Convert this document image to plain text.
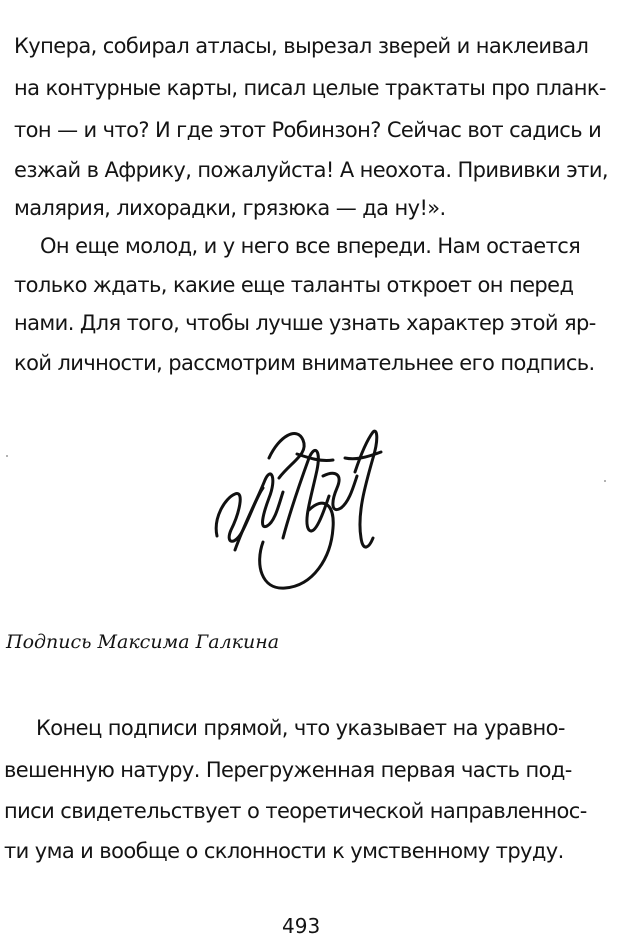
Купера, собирал атласы, вырезал зверей и наклеивал
на контурные карты, писал целые трактаты про планк-
тон — и что? И где этот Робинзон? Сейчас вот садись и
езжай в Африку, пожалуйста! А неохота. Прививки эти,
малярия, лихорадки, грязюка — да ну!».
Он еще молод, и у него все впереди. Нам остается
только ждать, какие еще таланты откроет он перед
нами. Для того, чтобы лучше узнать характер этой яр-
кой личности, рассмотрим внимательнее его подпись.
Подпись Максима Галкина
Конец подписи прямой, что указывает на уравно-
вешенную натуру. Перегруженная первая часть под-
писи свидетельствует о теоретической направленнос-
ти ума и вообще о склонности к умственному труду.
493
